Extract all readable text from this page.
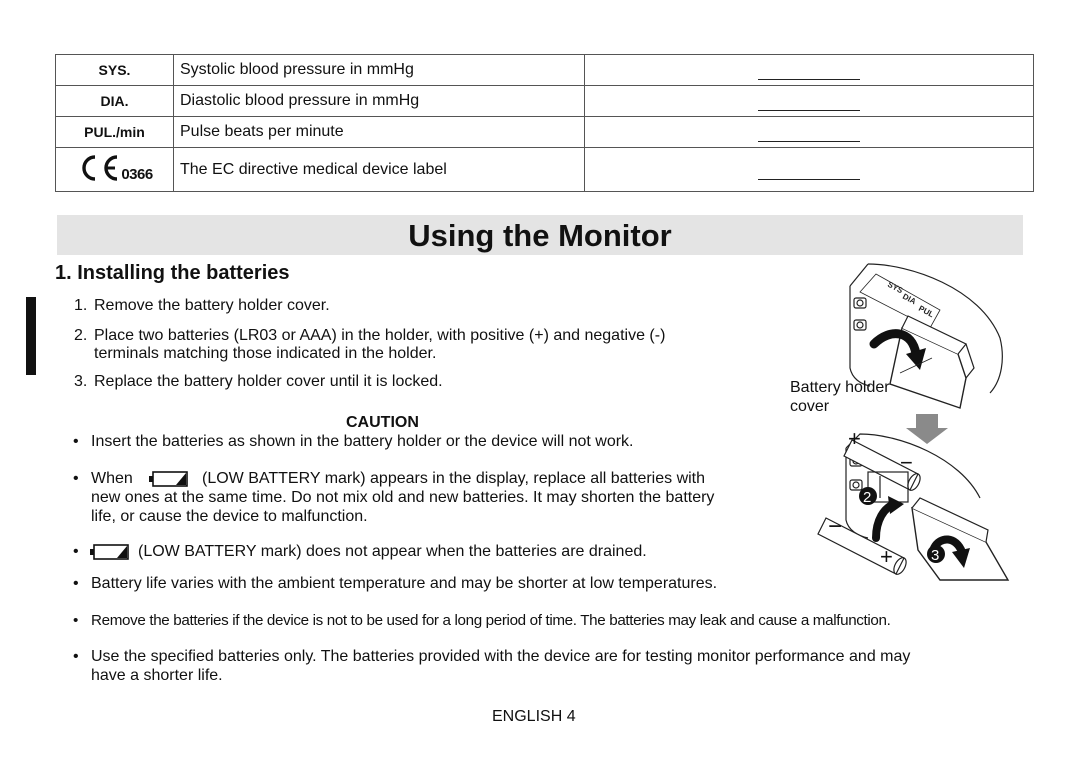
SYS.	Systolic blood pressure in mmHg	
DIA.	Diastolic blood pressure in mmHg	
PUL./min	Pulse beats per minute	

0366	The EC directive medical device label	
Using the Monitor
1. Installing the batteries
1. Remove the battery holder cover.
2. Place two batteries (LR03 or AAA) in the holder, with positive (+) and negative (-)
terminals matching those indicated in the holder.
3. Replace the battery holder cover until it is locked.
CAUTION
• Insert the batteries as shown in the battery holder or the device will not work.
• When	(LOW BATTERY mark) appears in the display, replace all batteries with
new ones at the same time. Do not mix old and new batteries. It may shorten the battery
life, or cause the device to malfunction.
•	(LOW BATTERY mark) does not appear when the batteries are drained.
• Battery life varies with the ambient temperature and may be shorter at low temperatures.
• Remove the batteries if the device is not to be used for a long period of time. The batteries may leak and cause a malfunction.
• Use the specified batteries only. The batteries provided with the device are for testing monitor performance and may
have a shorter life.
ENGLISH 4
1
SYS
DIA
PUL
+
−
−
+
2
3
Battery holder
cover
